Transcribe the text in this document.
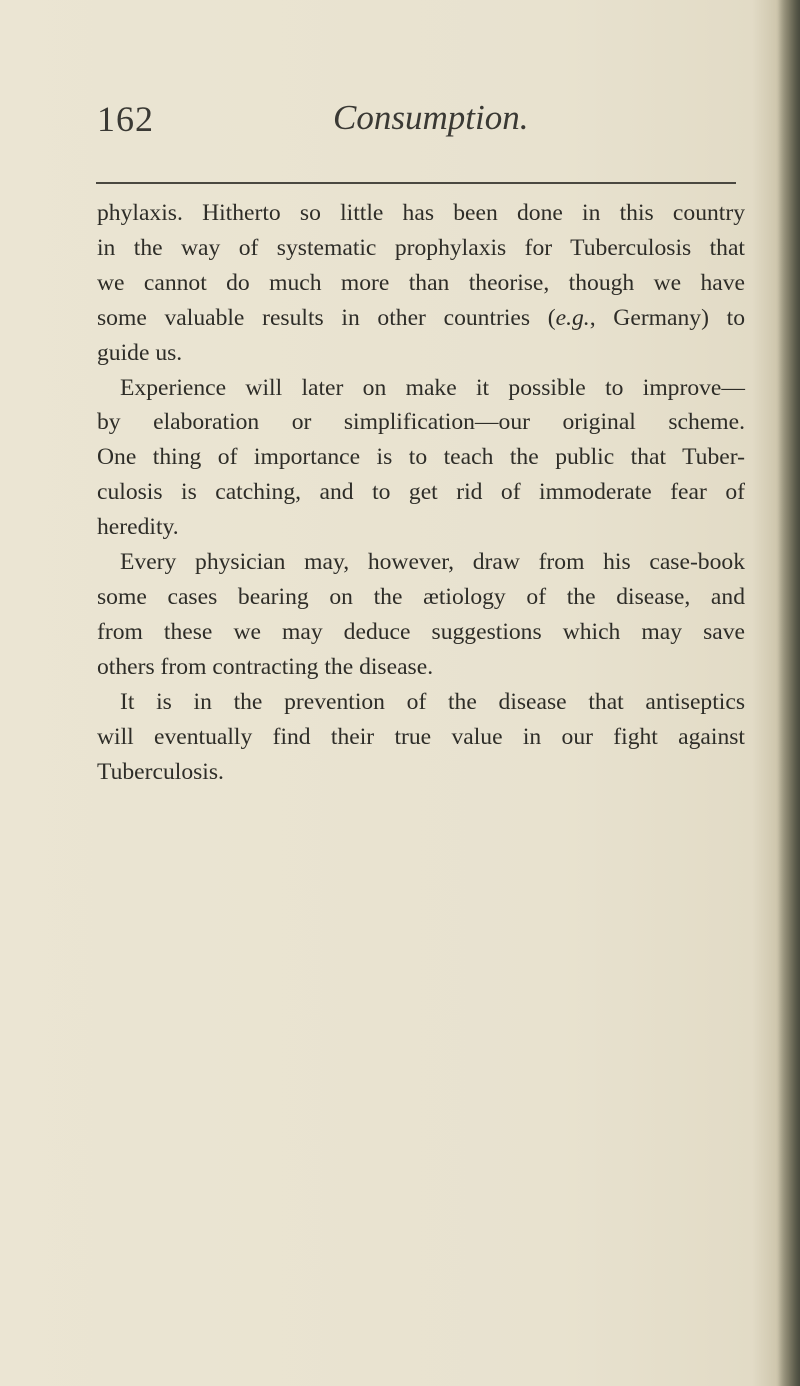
162	Consumption.
phylaxis. Hitherto so little has been done in this country
in the way of systematic prophylaxis for Tuberculosis that
we cannot do much more than theorise, though we have
some valuable results in other countries (e.g., Germany) to
guide us.
Experience will later on make it possible to improve—
by elaboration or simplification—our original scheme.
One thing of importance is to teach the public that Tuber-
culosis is catching, and to get rid of immoderate fear of
heredity.
Every physician may, however, draw from his case-book
some cases bearing on the ætiology of the disease, and
from these we may deduce suggestions which may save
others from contracting the disease.
It is in the prevention of the disease that antiseptics
will eventually find their true value in our fight against
Tuberculosis.
